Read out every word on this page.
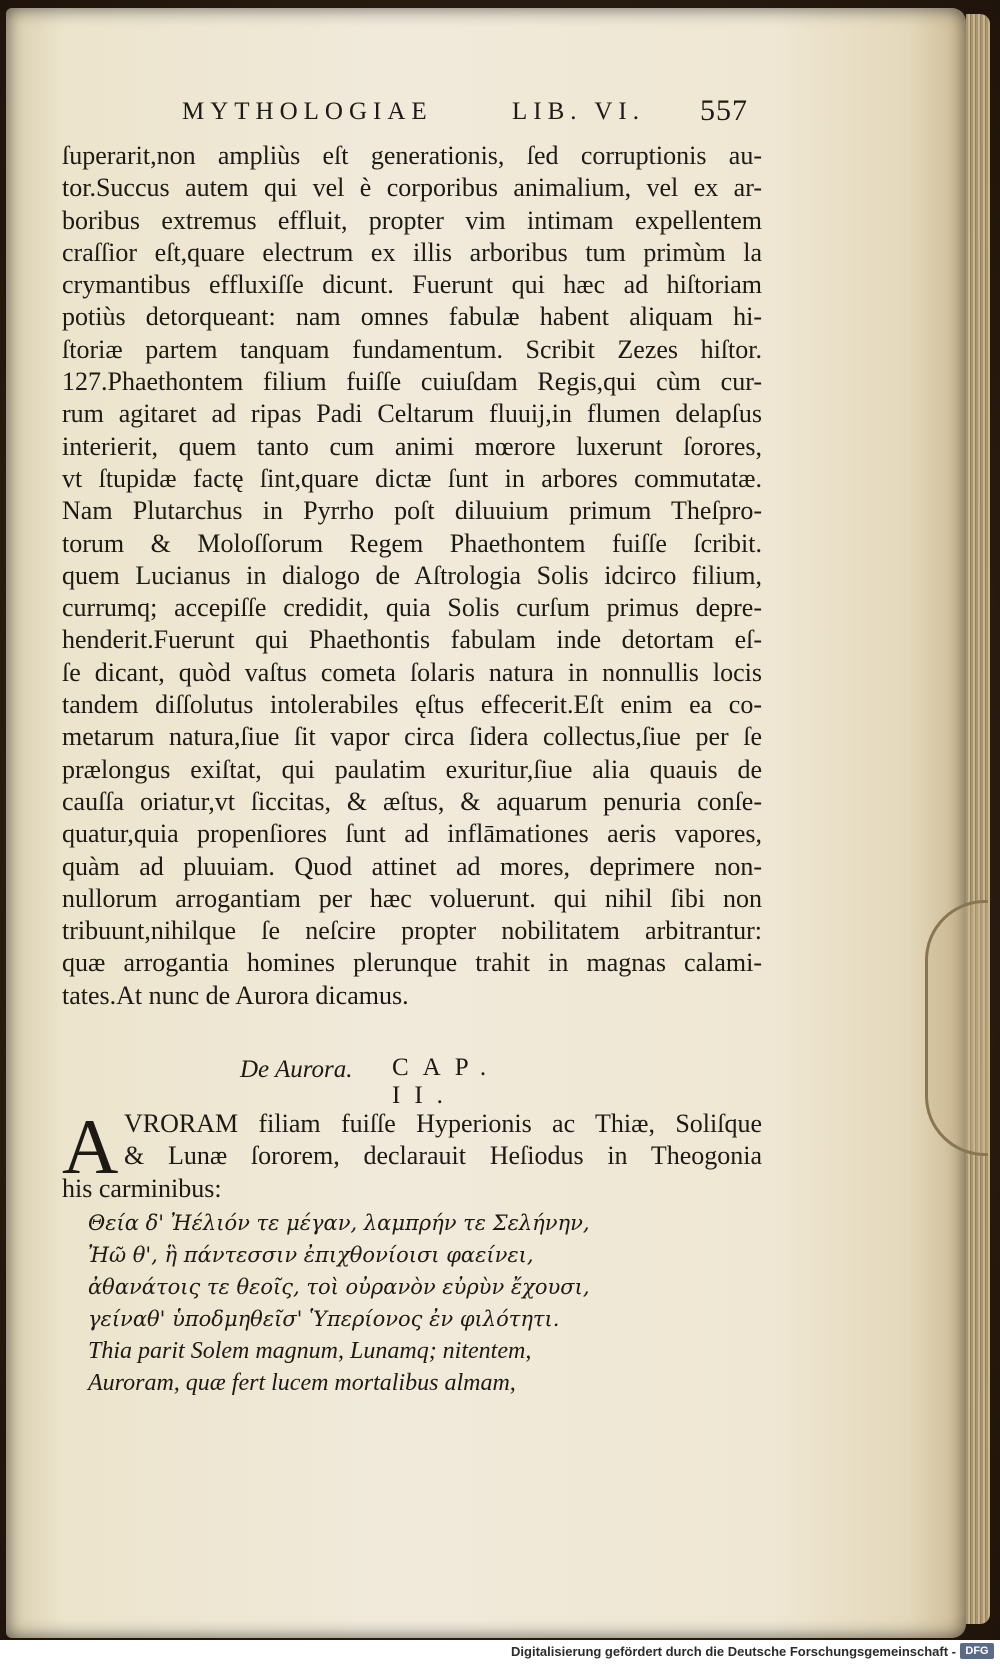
MYTHOLOGIAE	LIB. VI. 557
ſuperarit,non ampliùs eſt generationis, ſed corruptionis au-
tor.Succus autem qui vel è corporibus animalium, vel ex ar-
boribus extremus effluit, propter vim intimam expellentem
craſſior eſt,quare electrum ex illis arboribus tum primùm la
crymantibus effluxiſſe dicunt. Fuerunt qui hæc ad hiſtoriam
potiùs detorqueant: nam omnes fabulæ habent aliquam hi-
ſtoriæ partem tanquam fundamentum. Scribit Zezes hiſtor.
127.Phaethontem filium fuiſſe cuiuſdam Regis,qui cùm cur-
rum agitaret ad ripas Padi Celtarum fluuij,in flumen delapſus
interierit, quem tanto cum animi mœrore luxerunt ſorores,
vt ſtupidæ factę ſint,quare dictæ ſunt in arbores commutatæ.
Nam Plutarchus in Pyrrho poſt diluuium primum Theſpro-
torum & Moloſſorum Regem Phaethontem fuiſſe ſcribit.
quem Lucianus in dialogo de Aſtrologia Solis idcirco filium,
currumq; accepiſſe credidit, quia Solis curſum primus depre-
henderit.Fuerunt qui Phaethontis fabulam inde detortam eſ-
ſe dicant, quòd vaſtus cometa ſolaris natura in nonnullis locis
tandem diſſolutus intolerabiles ęſtus effecerit.Eſt enim ea co-
metarum natura,ſiue ſit vapor circa ſidera collectus,ſiue per ſe
prælongus exiſtat, qui paulatim exuritur,ſiue alia quauis de
cauſſa oriatur,vt ſiccitas, & æſtus, & aquarum penuria conſe-
quatur,quia propenſiores ſunt ad inflāmationes aeris vapores,
quàm ad pluuiam. Quod attinet ad mores, deprimere non-
nullorum arrogantiam per hæc voluerunt. qui nihil ſibi non
tribuunt,nihilque ſe neſcire propter nobilitatem arbitrantur:
quæ arrogantia homines plerunque trahit in magnas calami-
tates.At nunc de Aurora dicamus.
De Aurora. CAP. II.
A VRORAM filiam fuiſſe Hyperionis ac Thiæ, Soliſque
& Lunæ ſororem, declarauit Heſiodus in Theogonia
his carminibus:
Θεία δ' Ἠέλιόν τε μέγαν, λαμπρήν τε Σελήνην,
Ἠῶ θ', ἣ πάντεσσιν ἐπιχθονίοισι φαείνει,
ἀθανάτοις τε θεοῖς, τοὶ οὐρανὸν εὐρὺν ἔχουσι,
γείναθ' ὑποδμηθεῖσ' Ὑπερίονος ἐν φιλότητι.
Thia parit Solem magnum, Lunamq; nitentem,
Auroram, quæ fert lucem mortalibus almam,
Digitalisierung gefördert durch die Deutsche Forschungsgemeinschaft - DFG
